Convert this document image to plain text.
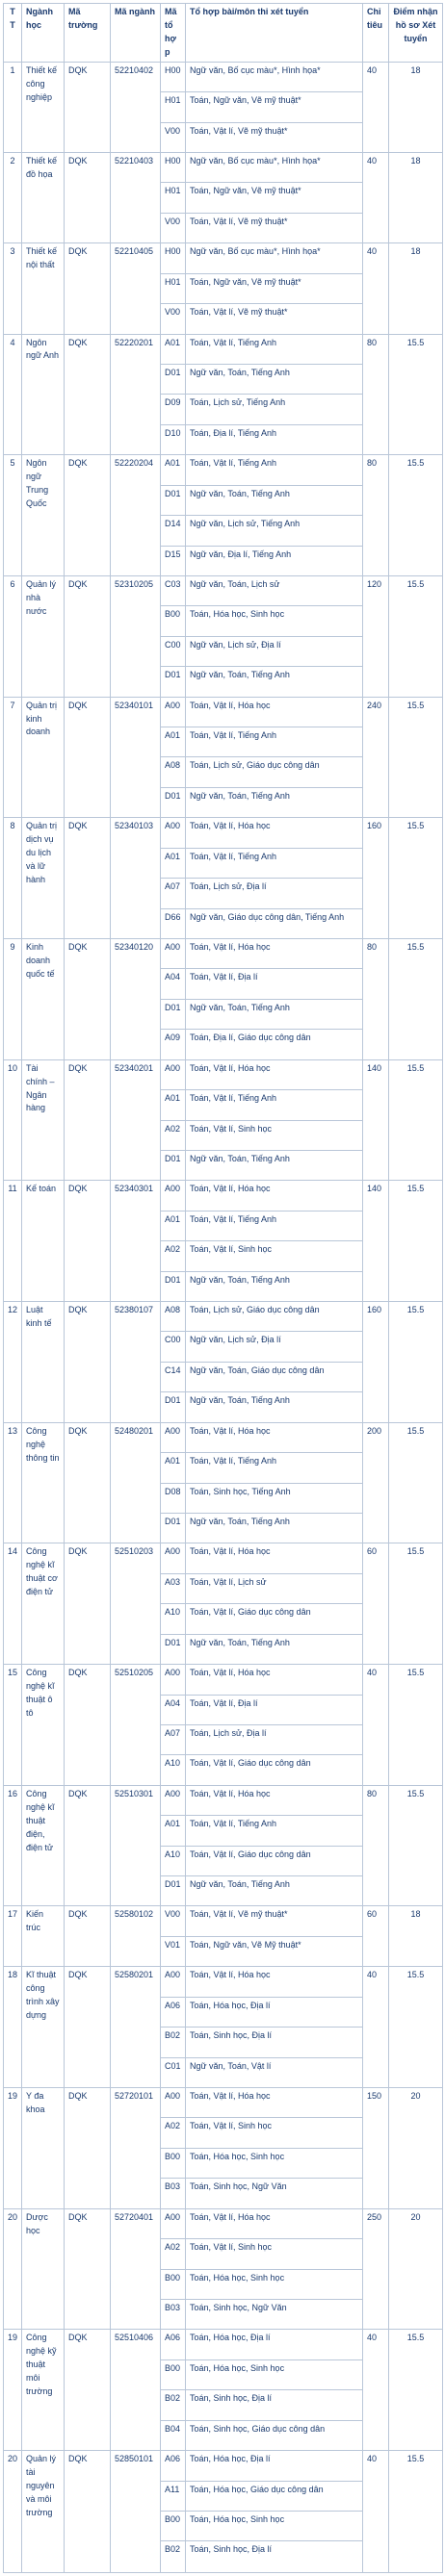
TT	Ngành học	Mã trường	Mã ngành	Mã tổ hợp	Tổ hợp bài/môn thi xét tuyển	Chỉ tiêu	Điểm nhận hồ sơ Xét tuyển
1	Thiết kế công nghiệp	DQK	52210402	H00	Ngữ văn, Bố cục màu*, Hình họa*	40	18
				H01	Toán, Ngữ văn, Vẽ mỹ thuật*		
				V00	Toán, Vật lí, Vẽ mỹ thuật*		
2	Thiết kế đồ họa	DQK	52210403	H00	Ngữ văn, Bố cục màu*, Hình họa*	40	18
				H01	Toán, Ngữ văn, Vẽ mỹ thuật*		
				V00	Toán, Vật lí, Vẽ mỹ thuật*		
3	Thiết kế nội thất	DQK	52210405	H00	Ngữ văn, Bố cục màu*, Hình họa*	40	18
				H01	Toán, Ngữ văn, Vẽ mỹ thuật*		
				V00	Toán, Vật lí, Vẽ mỹ thuật*		
4	Ngôn ngữ Anh	DQK	52220201	A01	Toán, Vật lí, Tiếng Anh	80	15.5
				D01	Ngữ văn, Toán, Tiếng Anh		
				D09	Toán, Lịch sử, Tiếng Anh		
				D10	Toán, Địa lí, Tiếng Anh		
5	Ngôn ngữ Trung Quốc	DQK	52220204	A01	Toán, Vật lí, Tiếng Anh	80	15.5
				D01	Ngữ văn, Toán, Tiếng Anh		
				D14	Ngữ văn, Lịch sử, Tiếng Anh		
				D15	Ngữ văn, Địa lí, Tiếng Anh		
6	Quản lý nhà nước	DQK	52310205	C03	Ngữ văn, Toán, Lịch sử	120	15.5
				B00	Toán, Hóa học, Sinh học		
				C00	Ngữ văn, Lịch sử, Địa lí		
				D01	Ngữ văn, Toán, Tiếng Anh		
7	Quản trị kinh doanh	DQK	52340101	A00	Toán, Vật lí, Hóa học	240	15.5
				A01	Toán, Vật lí, Tiếng Anh		
				A08	Toán, Lịch sử, Giáo dục công dân		
				D01	Ngữ văn, Toán, Tiếng Anh		
8	Quản trị dịch vụ du lịch và lữ hành	DQK	52340103	A00	Toán, Vật lí, Hóa học	160	15.5
				A01	Toán, Vật lí, Tiếng Anh		
				A07	Toán, Lịch sử, Địa lí		
				D66	Ngữ văn, Giáo dục công dân, Tiếng Anh		
9	Kinh doanh quốc tế	DQK	52340120	A00	Toán, Vật lí, Hóa học	80	15.5
				A04	Toán, Vật lí, Địa lí		
				D01	Ngữ văn, Toán, Tiếng Anh		
				A09	Toán, Địa lí, Giáo dục công dân		
10	Tài chính – Ngân hàng	DQK	52340201	A00	Toán, Vật lí, Hóa học	140	15.5
				A01	Toán, Vật lí, Tiếng Anh		
				A02	Toán, Vật lí, Sinh học		
				D01	Ngữ văn, Toán, Tiếng Anh		
11	Kế toán	DQK	52340301	A00	Toán, Vật lí, Hóa học	140	15.5
				A01	Toán, Vật lí, Tiếng Anh		
				A02	Toán, Vật lí, Sinh học		
				D01	Ngữ văn, Toán, Tiếng Anh		
12	Luật kinh tế	DQK	52380107	A08	Toán, Lịch sử, Giáo dục công dân	160	15.5
				C00	Ngữ văn, Lịch sử, Địa lí		
				C14	Ngữ văn, Toán, Giáo dục công dân		
				D01	Ngữ văn, Toán, Tiếng Anh		
13	Công nghệ thông tin	DQK	52480201	A00	Toán, Vật lí, Hóa học	200	15.5
				A01	Toán, Vật lí, Tiếng Anh		
				D08	Toán, Sinh học, Tiếng Anh		
				D01	Ngữ văn, Toán, Tiếng Anh		
14	Công nghệ kĩ thuật cơ điện tử	DQK	52510203	A00	Toán, Vật lí, Hóa học	60	15.5
				A03	Toán, Vật lí, Lịch sử		
				A10	Toán, Vật lí, Giáo dục công dân		
				D01	Ngữ văn, Toán, Tiếng Anh		
15	Công nghệ kĩ thuật ô tô	DQK	52510205	A00	Toán, Vật lí, Hóa học	40	15.5
				A04	Toán, Vật lí, Địa lí		
				A07	Toán, Lịch sử, Địa lí		
				A10	Toán, Vật lí, Giáo dục công dân		
16	Công nghệ kĩ thuật điện, điện tử	DQK	52510301	A00	Toán, Vật lí, Hóa học	80	15.5
				A01	Toán, Vật lí, Tiếng Anh		
				A10	Toán, Vật lí, Giáo dục công dân		
				D01	Ngữ văn, Toán, Tiếng Anh		
17	Kiến trúc	DQK	52580102	V00	Toán, Vật lí, Vẽ mỹ thuật*	60	18
				V01	Toán, Ngữ văn, Vẽ Mỹ thuật*		
18	Kĩ thuật công trình xây dựng	DQK	52580201	A00	Toán, Vật lí, Hóa học	40	15.5
				A06	Toán, Hóa học, Địa lí		
				B02	Toán, Sinh học, Địa lí		
				C01	Ngữ văn, Toán, Vật lí		
19	Y đa khoa	DQK	52720101	A00	Toán, Vật lí, Hóa học	150	20
				A02	Toán, Vật lí, Sinh học		
				B00	Toán, Hóa học, Sinh học		
				B03	Toán, Sinh học, Ngữ Văn		
20	Dược học	DQK	52720401	A00	Toán, Vật lí, Hóa học	250	20
				A02	Toán, Vật lí, Sinh học		
				B00	Toán, Hóa học, Sinh học		
				B03	Toán, Sinh học, Ngữ Văn		
19	Công nghệ kỹ thuật môi trường	DQK	52510406	A06	Toán, Hóa học, Địa lí	40	15.5
				B00	Toán, Hóa học, Sinh học		
				B02	Toán, Sinh học, Địa lí		
				B04	Toán, Sinh học, Giáo dục công dân		
20	Quản lý tài nguyên và môi trường	DQK	52850101	A06	Toán, Hóa học, Địa lí	40	15.5
				A11	Toán, Hóa học, Giáo dục công dân		
				B00	Toán, Hóa học, Sinh học		
				B02	Toán, Sinh học, Địa lí		
